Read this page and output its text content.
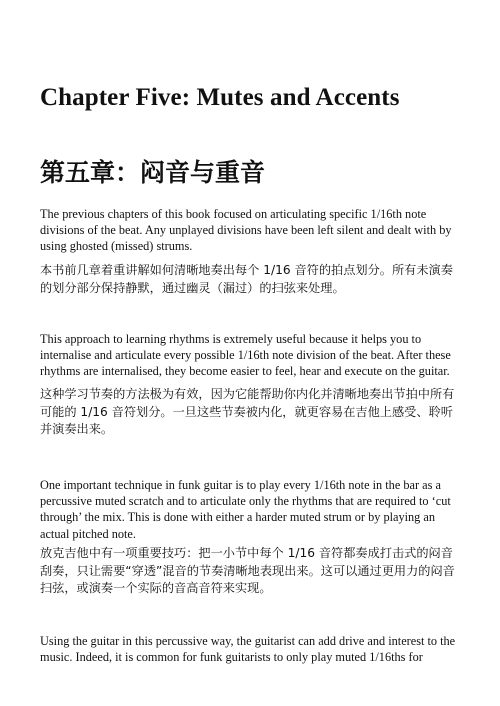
Chapter Five: Mutes and Accents
第五章：闷音与重音

The previous chapters of this book focused on articulating specific 1/16th note divisions of the beat. Any unplayed divisions have been left silent and dealt with by using ghosted (missed) strums.

本书前几章着重讲解如何清晰地奏出每个 1/16 音符的拍点划分。所有未演奏的划分部分保持静默，通过幽灵（漏过）的扫弦来处理。

This approach to learning rhythms is extremely useful because it helps you to internalise and articulate every possible 1/16th note division of the beat. After these rhythms are internalised, they become easier to feel, hear and execute on the guitar.

这种学习节奏的方法极为有效，因为它能帮助你内化并清晰地奏出节拍中所有可能的 1/16 音符划分。一旦这些节奏被内化，就更容易在吉他上感受、聆听并演奏出来。

One important technique in funk guitar is to play every 1/16th note in the bar as a percussive muted scratch and to articulate only the rhythms that are required to ‘cut through’ the mix. This is done with either a harder muted strum or by playing an actual pitched note.

放克吉他中有一项重要技巧：把一小节中每个 1/16 音符都奏成打击式的闷音刮奏，只让需要“穿透”混音的节奏清晰地表现出来。这可以通过更用力的闷音扫弦，或演奏一个实际的音高音符来实现。

Using the guitar in this percussive way, the guitarist can add drive and interest to the music. Indeed, it is common for funk guitarists to only play muted 1/16ths for
